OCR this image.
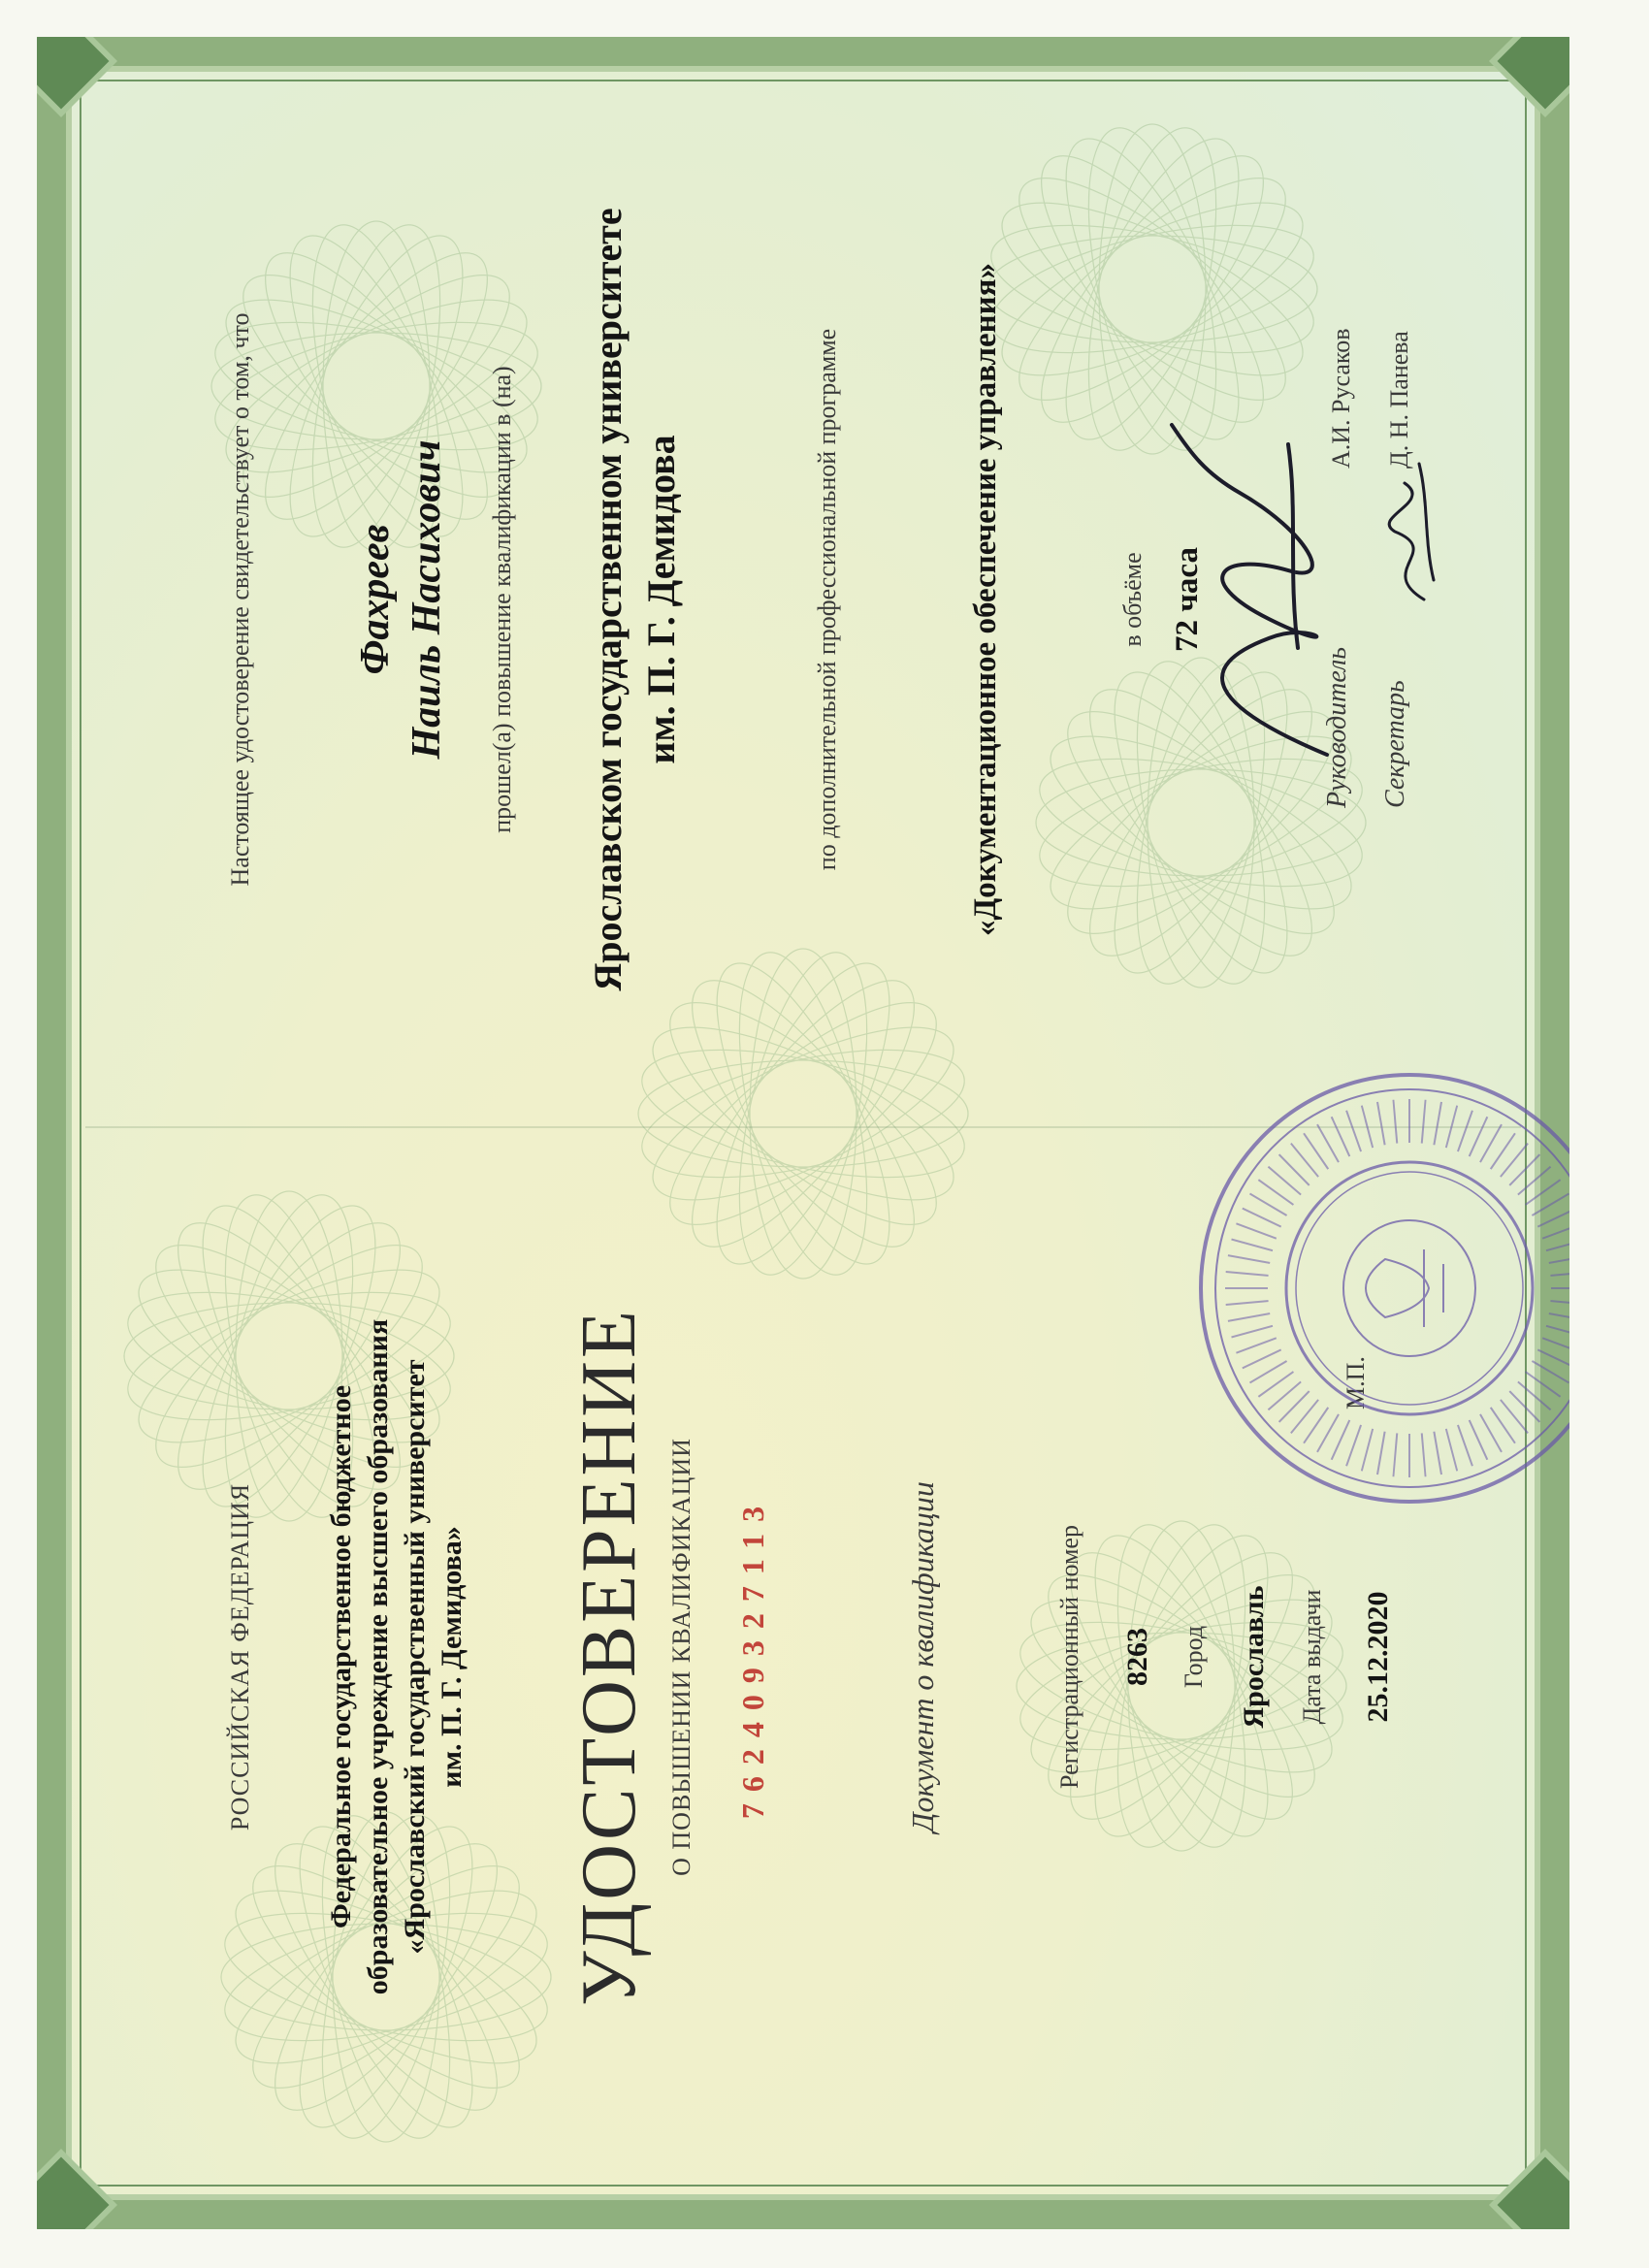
РОССИЙСКАЯ ФЕДЕРАЦИЯ Федеральное государственное бюджетное образовательное учреждение высшего образования «Ярославский государственный университет им. П. Г. Демидова» УДОСТОВЕРЕНИЕ О ПОВЫШЕНИИ КВАЛИФИКАЦИИ 762409327113	Документ о квалификации	Регистрационный номер 8263 Город Ярославль Дата выдачи 25.12.2020
Настоящее удостоверение свидетельствует о том, что Фахреев Наиль Насихович прошел(а) повышение квалификации в (на) Ярославском государственном университете им. П. Г. Демидова	по дополнительной профессиональной программе	«Документационное обеспечение управления»	в объёме 72 часа
М.П.
Руководитель
А.И. Русаков
Секретарь
Д. Н. Панева
